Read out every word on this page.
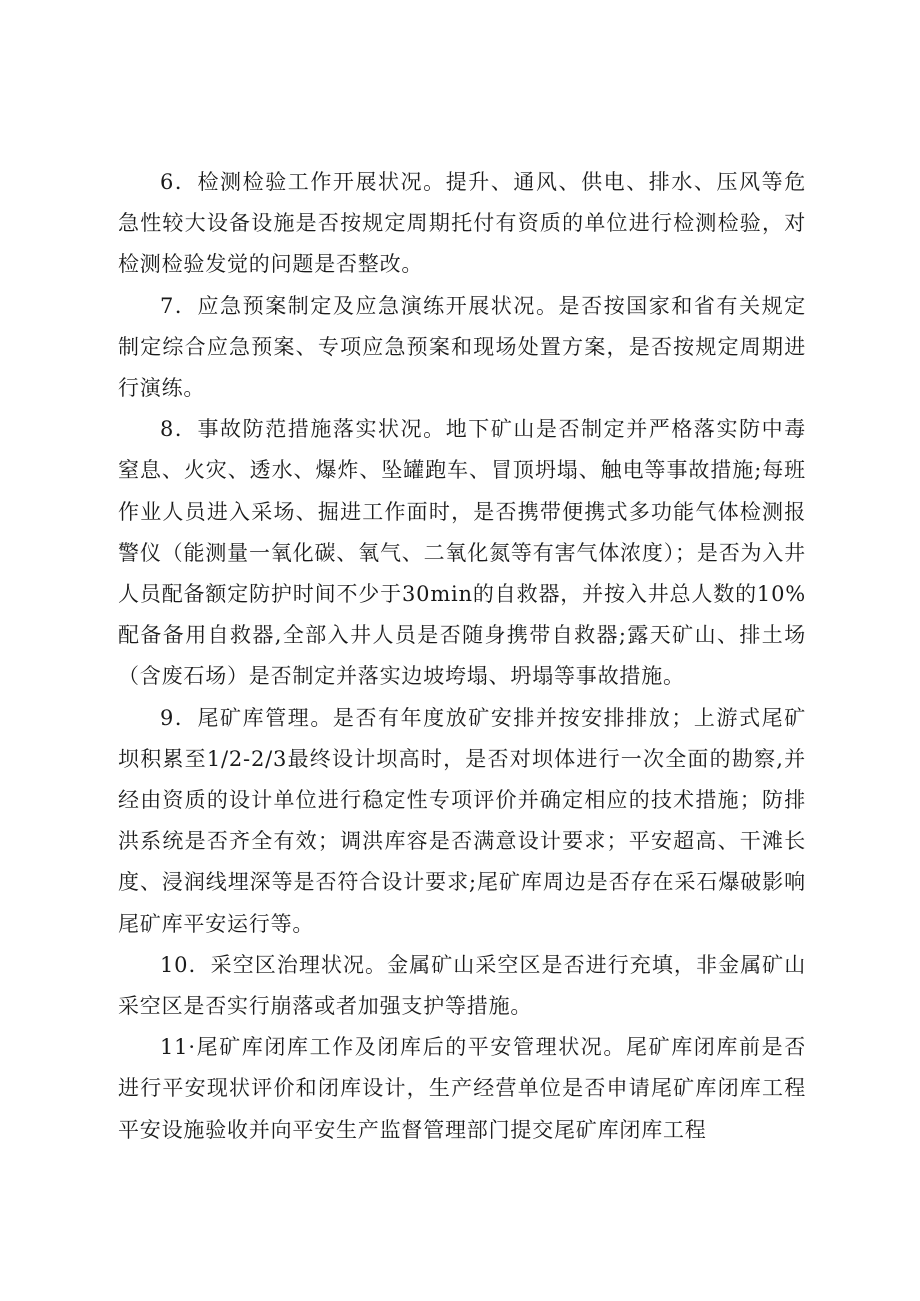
6．检测检验工作开展状况。提升、通风、供电、排水、压风等危急性较大设备设施是否按规定周期托付有资质的单位进行检测检验，对检测检验发觉的问题是否整改。

7．应急预案制定及应急演练开展状况。是否按国家和省有关规定制定综合应急预案、专项应急预案和现场处置方案，是否按规定周期进行演练。

8．事故防范措施落实状况。地下矿山是否制定并严格落实防中毒窒息、火灾、透水、爆炸、坠罐跑车、冒顶坍塌、触电等事故措施;每班作业人员进入采场、掘进工作面时，是否携带便携式多功能气体检测报警仪（能测量一氧化碳、氧气、二氧化氮等有害气体浓度）；是否为入井人员配备额定防护时间不少于30min的自救器，并按入井总人数的10%配备备用自救器,全部入井人员是否随身携带自救器;露天矿山、排土场（含废石场）是否制定并落实边坡垮塌、坍塌等事故措施。

9．尾矿库管理。是否有年度放矿安排并按安排排放；上游式尾矿坝积累至1/2-2/3最终设计坝高时，是否对坝体进行一次全面的勘察,并经由资质的设计单位进行稳定性专项评价并确定相应的技术措施；防排洪系统是否齐全有效；调洪库容是否满意设计要求；平安超高、干滩长度、浸润线埋深等是否符合设计要求;尾矿库周边是否存在采石爆破影响尾矿库平安运行等。

10．采空区治理状况。金属矿山采空区是否进行充填，非金属矿山采空区是否实行崩落或者加强支护等措施。

11·尾矿库闭库工作及闭库后的平安管理状况。尾矿库闭库前是否进行平安现状评价和闭库设计，生产经营单位是否申请尾矿库闭库工程平安设施验收并向平安生产监督管理部门提交尾矿库闭库工程
